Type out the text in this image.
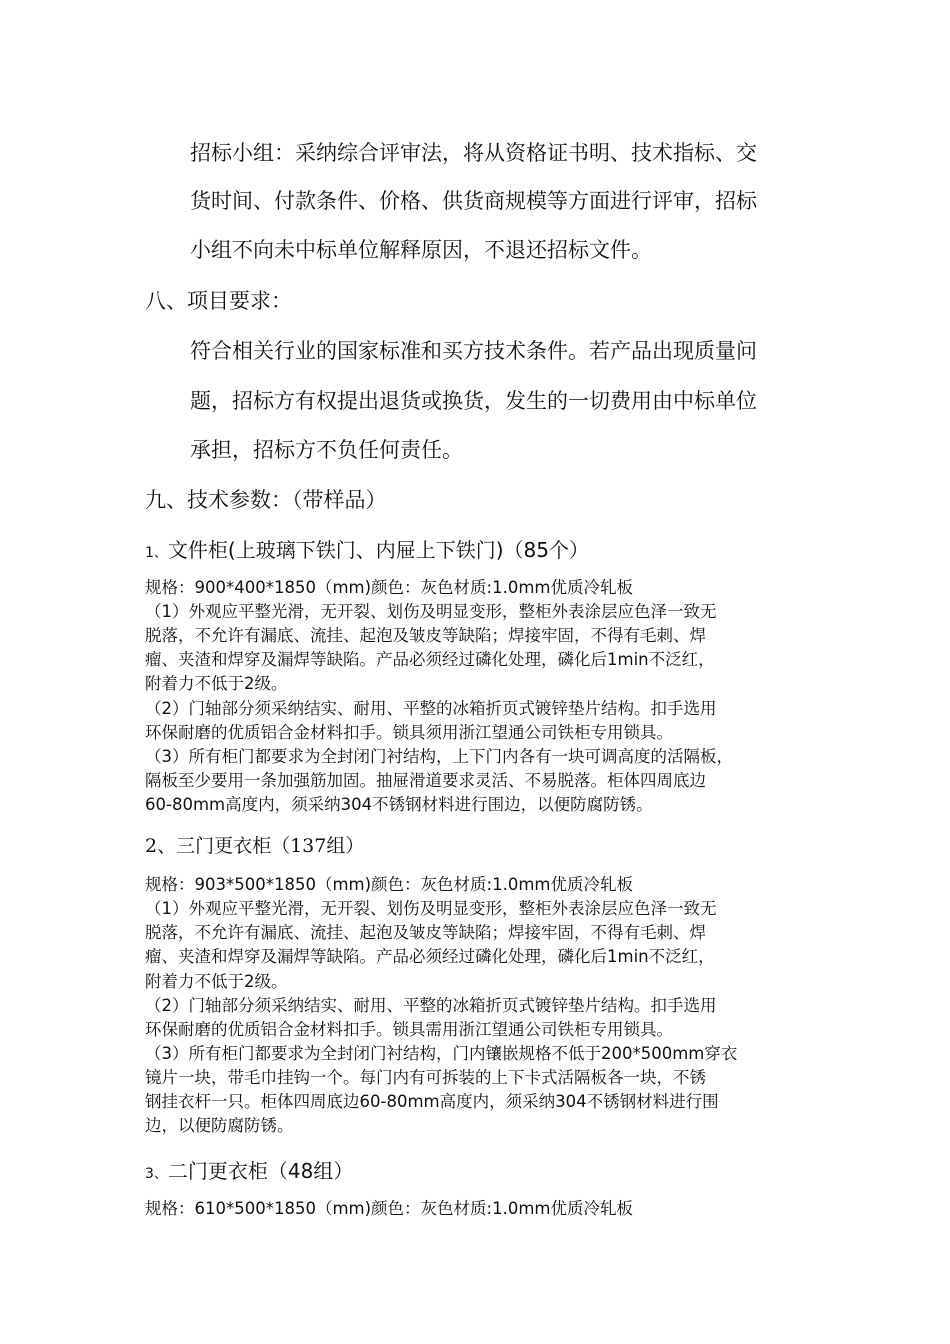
招标小组：采纳综合评审法，将从资格证书明、技术指标、交
货时间、付款条件、价格、供货商规模等方面进行评审，招标
小组不向未中标单位解释原因，不退还招标文件。
八、项目要求：
符合相关行业的国家标准和买方技术条件。若产品出现质量问
题，招标方有权提出退货或换货，发生的一切费用由中标单位
承担，招标方不负任何责任。
九、技术参数：（带样品）
1、文件柜(上玻璃下铁门、内屉上下铁门)（85个）
规格：900*400*1850（mm)颜色：灰色材质:1.0mm优质冷轧板
（1）外观应平整光滑，无开裂、划伤及明显变形，整柜外表涂层应色泽一致无
脱落，不允许有漏底、流挂、起泡及皱皮等缺陷；焊接牢固，不得有毛刺、焊
瘤、夹渣和焊穿及漏焊等缺陷。产品必须经过磷化处理，磷化后1min不泛红，
附着力不低于2级。
（2）门轴部分须采纳结实、耐用、平整的冰箱折页式镀锌垫片结构。扣手选用
环保耐磨的优质铝合金材料扣手。锁具须用浙江望通公司铁柜专用锁具。
（3）所有柜门都要求为全封闭门衬结构，上下门内各有一块可调高度的活隔板，
隔板至少要用一条加强筋加固。抽屉滑道要求灵活、不易脱落。柜体四周底边
60-80mm高度内，须采纳304不锈钢材料进行围边，以便防腐防锈。
2、三门更衣柜（137组）
规格：903*500*1850（mm)颜色：灰色材质:1.0mm优质冷轧板
（1）外观应平整光滑，无开裂、划伤及明显变形，整柜外表涂层应色泽一致无
脱落，不允许有漏底、流挂、起泡及皱皮等缺陷；焊接牢固，不得有毛刺、焊
瘤、夹渣和焊穿及漏焊等缺陷。产品必须经过磷化处理，磷化后1min不泛红，
附着力不低于2级。
（2）门轴部分须采纳结实、耐用、平整的冰箱折页式镀锌垫片结构。扣手选用
环保耐磨的优质铝合金材料扣手。锁具需用浙江望通公司铁柜专用锁具。
（3）所有柜门都要求为全封闭门衬结构，门内镶嵌规格不低于200*500mm穿衣
镜片一块，带毛巾挂钩一个。每门内有可拆装的上下卡式活隔板各一块，不锈
钢挂衣杆一只。柜体四周底边60-80mm高度内，须采纳304不锈钢材料进行围
边，以便防腐防锈。
3、二门更衣柜（48组）
规格：610*500*1850（mm)颜色：灰色材质:1.0mm优质冷轧板
